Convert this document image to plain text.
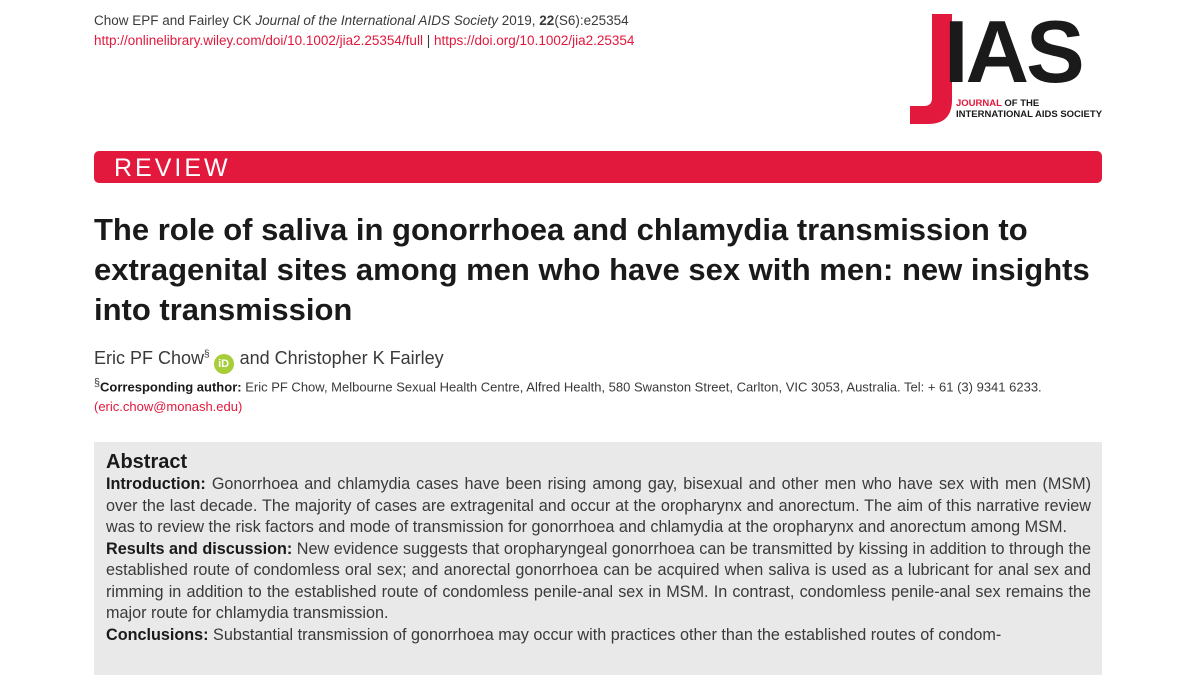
Chow EPF and Fairley CK Journal of the International AIDS Society 2019, 22(S6):e25354
http://onlinelibrary.wiley.com/doi/10.1002/jia2.25354/full | https://doi.org/10.1002/jia2.25354	IAS
JOURNAL OF THE
INTERNATIONAL AIDS SOCIETY
REVIEW
The role of saliva in gonorrhoea and chlamydia transmission to extragenital sites among men who have sex with men: new insights into transmission
Eric PF Chow§iD and Christopher K Fairley
§Corresponding author: Eric PF Chow, Melbourne Sexual Health Centre, Alfred Health, 580 Swanston Street, Carlton, VIC 3053, Australia. Tel: + 61 (3) 9341 6233.
(eric.chow@monash.edu)
Abstract

Introduction: Gonorrhoea and chlamydia cases have been rising among gay, bisexual and other men who have sex with men (MSM) over the last decade. The majority of cases are extragenital and occur at the oropharynx and anorectum. The aim of this narrative review was to review the risk factors and mode of transmission for gonorrhoea and chlamydia at the oropharynx and anorectum among MSM.

Results and discussion: New evidence suggests that oropharyngeal gonorrhoea can be transmitted by kissing in addition to through the established route of condomless oral sex; and anorectal gonorrhoea can be acquired when saliva is used as a lubricant for anal sex and rimming in addition to the established route of condomless penile-anal sex in MSM. In contrast, condomless penile-anal sex remains the major route for chlamydia transmission.

Conclusions: Substantial transmission of gonorrhoea may occur with practices other than the established routes of condom-
